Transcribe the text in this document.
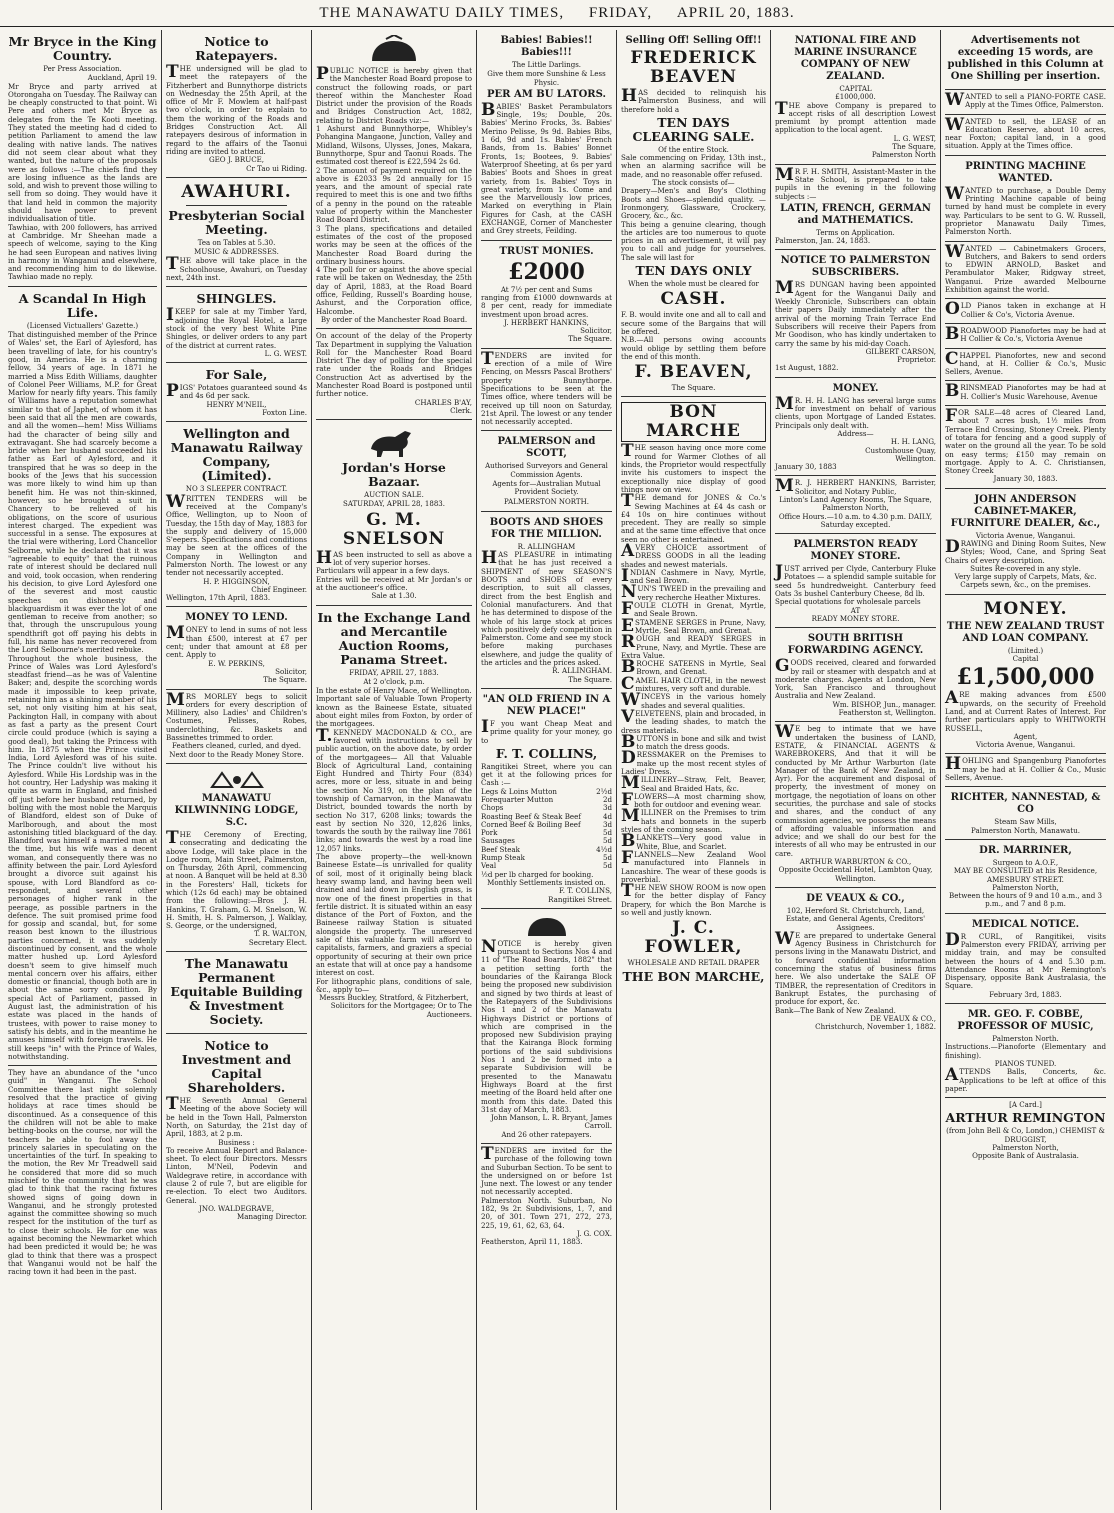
THE MANAWATU DAILY TIMES, FRIDAY, APRIL 20, 1883.
Mr Bryce in the King Country.
Per Press Association.
Auckland, April 19.

Mr Bryce and party arrived at Otorongaha on Tuesday. The Railway can be cheaply constructed to that point. Wi Pere and others met Mr Bryce as delegates from the Te Kooti meeting. They stated the meeting had d cided to petition Parliament to amend the law dealing with native lands. The natives did not seem clear about what they wanted, but the nature of the proposals were as follows :—The chiefs find they are losing influence as the lands are sold, and wish to prevent those willing to sell from so doing. They would have it that land held in common the majority should have power to prevent individualisation of title.

Tawhiao, with 200 followers, has arrived at Cambridge. Mr Sheehan made a speech of welcome, saying to the King he had seen European and natives living in harmony in Wanganui and elsewhere, and recommending him to do likewise. Tawhiao made no reply.

A Scandal In High Life.
(Licensed Victuallers' Gazette.)

That distinguished member of the Prince of Wales' set, the Earl of Aylesford, has been travelling of late, for his country's good, in America. He is a charming fellow, 34 years of age. In 1871 he married a Miss Edith Williams, daughter of Colonel Peer Williams, M.P. for Great Marlow for nearly fifty years. This family of Williams have a reputation somewhat similar to that of Japhet, of whom it has been said that all the men are cowards, and all the women—hem! Miss Williams had the character of being silly and extravagant. She had scarcely become a bride when her husband succeeded his father as Earl of Aylesford, and it transpired that he was so deep in the books of the Jews that his succession was more likely to wind him up than benefit him. He was not thin-skinned, however, so he brought a suit in Chancery to be relieved of his obligations, on the score of usurious interest charged. The expedient was successful in a sense. The exposures at the trial were withering, Lord Chancellor Selborne, while he declared that it was "agreeable to equity" that the ruinous rate of interest should be declared null and void, took occasion, when rendering his decision, to give Lord Aylesford one of the severest and most caustic speeches on dishonesty and blackguardism it was ever the lot of one gentleman to receive from another; so that, through the unscrupulous young spendthrift got off paying his debts in full, his name has never recovered from the Lord Selbourne's merited rebuke.

Throughout the whole business, the Prince of Wales was Lord Aylesford's steadfast friend—as he was of Valentine Baker; and, despite the scorching words made it impossible to keep private, retaining him as a shining member of his set, not only visiting him at his seat, Packington Hall, in company with about as fast a party as the present Court circle could produce (which is saying a good deal), but taking the Princess with him. In 1875 when the Prince visited India, Lord Aylesford was of his suite. The Prince couldn't live without his Aylesford. While His Lordship was in the hot country, Her Ladyship was making it quite as warm in England, and finished off just before her husband returned, by bolting with the most noble the Marquis of Blandford, eldest son of Duke of Marlborough, and about the most astonishing titled blackguard of the day. Blandford was himself a married man at the time, but his wife was a decent woman, and consequently there was no affinity between the pair. Lord Aylesford brought a divorce suit against his spouse, with Lord Blandford as co-respondent, and several other personages of higher rank in the peerage, as possible partners in the defence. The suit promised prime food for gossip and scandal, but, for some reason best known to the illustrious parties concerned, it was suddenly discontinued by consent, and the whole matter hushed up. Lord Aylesford doesn't seem to give himself much mental concern over his affairs, either domestic or financial, though both are in about the same sorry condition. By special Act of Parliament, passed in August last, the administration of his estate was placed in the hands of trustees, with power to raise money to satisfy his debts, and in the meantime he amuses himself with foreign travels. He still keeps "in" with the Prince of Wales, notwithstanding.

They have an abundance of the "unco guid" in Wanganui. The School Committee there last night solemnly resolved that the practice of giving holidays at race times should be discontinued. As a consequence of this the children will not be able to make betting-books on the course, nor will the teachers be able to fool away the princely salaries in speculating on the uncertainties of the turf. In speaking to the motion, the Rev Mr Treadwell said he considered that more did so much mischief to the community that he was glad to think that the racing fixtures showed signs of going down in Wanganui, and he strongly protested against the committee showing so much respect for the institution of the turf as to close their schools. He for one was against becoming the Newmarket which had been predicted it would be; he was glad to think that there was a prospect that Wanganui would not be half the racing town it had been in the past.

Notice to Ratepayers.

THE undersigned will be glad to meet the ratepayers of the Fitzherbert and Bunnythorpe districts on Wednesday the 25th April, at the office of Mr F. Mowlem at half-past two o'clock, in order to explain to them the working of the Roads and Bridges Construction Act. All ratepayers desirous of information in regard to the affairs of the Taonui riding are invited to attend.

GEO J. BRUCE,
Cr Tao ui Riding.
AWAHURI.
Presbyterian Social Meeting.
Tea on Tables at 5.30.
MUSIC & ADDRESSES.

THE above will take place in the Schoolhouse, Awahuri, on Tuesday next, 24th inst.

SHINGLES.

IKEEP for sale at my Timber Yard, adjoining the Royal Hotel, a large stock of the very best White Pine Shingles, or deliver orders to any part of the district at current rates.

L. G. WEST.
For Sale,

PIGS' Potatoes guaranteed sound 4s and 4s 6d per sack.

HENRY M'NEIL,
Foxton Line.
Wellington and Manawatu Railway Company, (Limited).
NO 3 SLEEPER CONTRACT.

WRITTEN TENDERS will be received at the Company's Office, Wellington, up to Noon of Tuesday, the 15th day of May, 1883 for the supply and delivery of 15,000 S'eepers. Specifications and conditions may be seen at the offices of the Company in Wellington and Palmerston North. The lowest or any tender not necessarily accepted.

H. P. HIGGINSON,
Chief Engineer.
Wellington, 17th April, 1883.
MONEY TO LEND.

MONEY to lend in sums of not less than £500, interest at £7 per cent; under that amount at £8 per cent. Apply to

E. W. PERKINS,
Solicitor,
The Square.

MRS MORLEY begs to solicit orders for every description of Millinery, also Ladies' and Children's Costumes, Pelisses, Robes, underclothing, &c. Baskets and Bassinettes trimmed to order.

Feathers cleaned, curled, and dyed.
Next door to the Ready Money Store.
MANAWATU KILWINNING LODGE, S.C.

THE Ceremony of Erecting, consecrating and dedicating the above Lodge, will take place in the Lodge room, Main Street, Palmerston, on Thursday, 26th April, commencing at noon. A Banquet will be held at 8.30 in the Foresters' Hall, tickets for which (12s 6d each) may be obtained from the following:—Bros J. H. Hankins, T. Graham, G. M. Snelson, W. H. Smith, H. S. Palmerson, J. Walklay, S. George, or the undersigned,

T. R. WALTON,
Secretary Elect.
The Manawatu Permanent Equitable Building & Investment Society.
Notice to Investment and Capital Shareholders.

THE Seventh Annual General Meeting of the above Society will be held in the Town Hall, Palmerston North, on Saturday, the 21st day of April, 1883, at 2 p.m.

Business :

To receive Annual Report and Balance-sheet. To elect four Directors. Messrs Linton, M'Neil, Podevin and Waldegrave retire, in accordance with clause 2 of rule 7, but are eligible for re-election. To elect two Auditors. General.

JNO. WALDEGRAVE,
Managing Director.

PUBLIC NOTICE is hereby given that the Manchester Road Board propose to construct the following roads, or part thereof within the Manchester Road District under the provision of the Roads and Bridges Construction Act, 1882, relating to District Roads viz:—

1 Ashurst and Bunnythorpe, Whibley's Pohangina Mangaone, Junction, Valley and Midland, Wilsons, Ulysses, Jones, Makara, Bunnythorpe, Spur and Taonui Roads. The estimated cost thereof is £22,594 2s 6d.

2 The amount of payment required on the above is £2033 9s 2d annually for 15 years, and the amount of special rate required to meet this is one and two fifths of a penny in the pound on the rateable value of property within the Manchester Road Board District.

3 The plans, specifications and detailed estimates of the cost of the proposed works may be seen at the offices of the Manchester Road Board during the ordinary business hours.

4 The poll for or against the above special rate will be taken on Wednesday, the 25th day of April, 1883, at the Road Board office, Feilding, Russell's Boarding house, Ashurst, and the Corporation office, Halcombe.

By order of the Manchester Road Board.

On account of the delay of the Property Tax Department in supplying the Valuation Roll for the Manchester Road Board District The day of polling for the special rate under the Roads and Bridges Construction Act as advertised by the Manchester Road Board is postponed until further notice.

CHARLES B'AY,
Clerk.
Jordan's Horse Bazaar.
AUCTION SALE.
SATURDAY, APRIL 28, 1883.
G. M. SNELSON

HAS been instructed to sell as above a lot of very superior horses.

Particulars will appear in a few days.

Entries will be received at Mr Jordan's or at the auctioneer's office.

Sale at 1.30.
In the Exchange Land and Mercantile Auction Rooms, Panama Street.
FRIDAY, APRIL 27, 1883.
At 2 o'clock, p.m.

In the estate of Henry Mace, of Wellington.

Important sale of Valuable Town Property known as the Baineese Estate, situated about eight miles from Foxton, by order of the mortgagees.

T.KENNEDY MACDONALD & CO., are favored with instructions to sell by public auction, on the above date, by order of the mortgagees— All that Valuable Block of Agricultural Land, containing Eight Hundred and Thirty Four (834) acres, more or less, situate in and being the section No 319, on the plan of the township of Carnarvon, in the Manawatu District, bounded towards the north by section No 317, 6208 links; towards the east by section No 320, 12,826 links, towards the south by the railway line 7861 links; and towards the west by a road line 12,057 links.

The above property—the well-known Baineese Estate—is unrivalled for quality of soil, most of it originally being black heavy swamp land, and having been well drained and laid down in English grass, is now one of the finest properties in that fertile district. It is situated within an easy distance of the Port of Foxton, and the Baineese railway Station is situated alongside the property. The unreserved sale of this valuable farm will afford to capitalists, farmers, and graziers a special opportunity of securing at their own price an estate that will at once pay a handsome interest on cost.

For lithographic plans, conditions of sale, &c., apply to—

Messrs Buckley, Stratford, & Fitzherbert,
Solicitors for the Mortgagee; Or to The Auctioneers.
Babies! Babies!! Babies!!!
The Little Darlings.
Give them more Sunshine & Less Physic.
PER AM BU LATORS.

BABIES' Basket Perambulators Single, 19s; Double, 20s. Babies' Merino Frocks, 3s. Babies' Merino Pelisse, 9s 9d. Babies Bibs, 1 6d, 9d and 1s. Babies' French Bands, from 1s. Babies' Bonnet Fronts, 1s; Bootees, 9. Babies' Waterproof Sheeting, at 6s per yard Babies' Boots and Shoes in great variety, from 1s. Babies' Toys in great variety, from 1s. Come and see the Marvellously low prices, Marked on everything in Plain Figures for Cash, at the CASH EXCHANGE, Corner of Manchester and Grey streets, Feilding.

TRUST MONIES.
£2000
At 7½ per cent and Sums

ranging from £1000 downwards at 8 per cent, ready for immediate investment upon broad acres.

J. HERBERT HANKINS,
Solicitor,
The Square.

TENDERS are invited for erection of a mile of Wire Fencing, on Messrs Pascal Brothers' property Bunnythorpe. Specifications to be seen at the Times office, where tenders will be received up till noon on Saturday, 21st April. The lowest or any tender not necessarily accepted.

PALMERSON and SCOTT,
Authorised Surveyors and General Commission Agents.
Agents for—Australian Mutual Provident Society.
PALMERSTON NORTH.
BOOTS AND SHOES FOR THE MILLION.
R. ALLINGHAM

HAS PLEASURE in intimating that he has just received a SHIPMENT of new SEASON'S BOOTS and SHOES of every description, to suit all classes, direct from the best English and Colonial manufacturers. And that he has determined to dispose of the whole of his large stock at prices which positively defy competition in Palmerston. Come and see my stock before making purchases elsewhere, and judge the quality of the articles and the prices asked.

R. ALLINGHAM.
The Square.
"AN OLD FRIEND IN A NEW PLACE!"

IF you want Cheap Meat and prime quality for your money, go to

F. T. COLLINS,

Rangitikei Street, where you can get it at the following prices for Cash :—

Legs & Loins Mutton	2½d
Forequarter Mutton	2d
Chops	3d
Roasting Beef & Steak Beef	4d
Corned Beef & Boiling Beef	3d
Pork	5d
Sausages	5d
Beef Steak	4½d
Rump Steak	5d
Veal	5d

½d per lb charged for booking.

Monthly Settlements insisted on.
F. T. COLLINS,
Rangitikei Street.

NOTICE is hereby given pursuant to Sections Nos 4 and 11 of "The Road Boards, 1882" that a petition setting forth the boundaries of the Kairanga Block being the proposed new subdivision and signed by two thirds at least of the Ratepayers of the Subdivisions Nos 1 and 2 of the Manawatu Highways District or portions of which are comprised in the proposed new Subdivision praying that the Kairanga Block forming portions of the said subdivisions Nos 1 and 2 be formed into a separate Subdivision will be presented to the Manawatu Highways Board at the first meeting of the Board held after one month from this date. Dated this 31st day of March, 1883.

John Manson, L. R. Bryant, James Carroll.
And 26 other ratepayers.

TENDERS are invited for the purchase of the following town and Suburban Section. To be sent to the undersigned on or before 1st June next. The lowest or any tender not necessarily accepted.

Palmerston North. Suburban, No 182, 9s 2r. Subdivisions, 1, 7, and 20, of 301. Town 271, 272, 273, 225, 19, 61, 62, 63, 64.

J. G. COX.
Featherston, April 11, 1883.
Selling Off! Selling Off!!
FREDERICK BEAVEN

HAS decided to relinquish his Palmerston Business, and will therefore hold a

TEN DAYS CLEARING SALE.
Of the entire Stock.

Sale commencing on Friday, 13th inst., when an alarming sacrifice will be made, and no reasonable offer refused.

The stock consists of—

Drapery—Men's and Boy's Clothing Boots and Shoes—splendid quality. —Ironmongery, Glassware, Crockery, Grocery, &c., &c.

This being a genuine clearing, though the articles are too numerous to quote prices in an advertisement, it will pay you to call and judge for yourselves. The sale will last for

TEN DAYS ONLY
When the whole must be cleared for
CASH.

F. B. would invite one and all to call and secure some of the Bargains that will be offered.

N.B.—All persons owing accounts would oblige by settling them before the end of this month.

F. BEAVEN,
The Square.
BON MARCHE

THE season having once more come round for Warmer Clothes of all kinds, the Proprietor would respectfully invite his customers to inspect the exceptionally nice display of good things now on view.

THE demand for JONES & Co.'s Sewing Machines at £4 4s cash or £4 10s on hire continues without precedent. They are really so simple and at the same time effective that once seen no other is entertained.

AVERY CHOICE assortment of DRESS GOODS in all the leading shades and newest materials.

INDIAN Cashmere in Navy, Myrtle, and Seal Brown.

NUN'S TWEED in the prevailing and very recherche Heather Mixtures.

FOULE CLOTH in Grenat, Myrtle, and Seale Brown.

ESTAMENE SERGES in Prune, Navy, Myrtle, Seal Brown, and Grenat.

ROUGH and READY SERGES in Prune, Navy, and Myrtle. These are Extra Value.

BROCHE SATEENS in Myrtle, Seal Brown, and Grenat.

CAMEL HAIR CLOTH, in the newest mixtures, very soft and durable.

WINCEYS in the various homely shades and several qualities.

VELVETEENS, plain and brocaded, in the leading shades, to match the dress materials.

BUTTONS in bone and silk and twist to match the dress goods.

DRESSMAKER on the Premises to make up the most recent styles of Ladies' Dress.

MILLINERY—Straw, Felt, Beaver, Seal and Braided Hats, &c.

FLOWERS—A most charming show, both for outdoor and evening wear.

MILLINER on the Premises to trim hats and bonnets in the superb styles of the coming season.

BLANKETS—Very good value in White, Blue, and Scarlet.

FLANNELS—New Zealand Wool manufactured into Flannels in Lancashire. The wear of these goods is proverbial.

THE NEW SHOW ROOM is now open for the better display of Fancy Drapery, for which the Bon Marche is so well and justly known.

J. C. FOWLER,
WHOLESALE AND RETAIL DRAPER
THE BON MARCHE,
NATIONAL FIRE AND MARINE INSURANCE COMPANY OF NEW ZEALAND.
CAPITAL
£1000,000.

THE above Company is prepared to accept risks of all description Lowest premiumt by prompt attention made application to the local agent.

L. G. WEST,
The Square,
Palmerston North

MR F. H. SMITH, Assistant-Master in the State School, is prepared to take pupils in the evening in the following subjects :—

LATIN, FRENCH, GERMAN and MATHEMATICS.
Terms on Application.
Palmerston, Jan. 24, 1883.
NOTICE TO PALMERSTON SUBSCRIBERS.

MRS DUNGAN having been appointed Agent for the Wanganui Daily and Weekly Chronicle, Subscribers can obtain their papers Daily immediately after the arrival of the morning Train Terrace End Subscribers will receive their Papers from Mr Goodison, who has kindly undertaken to carry the same by his mid-day Coach.

GILBERT CARSON,
Proprietor.
1st August, 1882.
MONEY.

MR. H. H. LANG has several large sums for investment on behalf of various clients, upon Mortgage of Landed Estates. Principals only dealt with.

Address—
H. H. LANG,
Customhouse Quay,
Wellington.
January 30, 1883

MR. J. HERBERT HANKINS, Barrister, Solicitor, and Notary Public,

Linton's Land Agency Rooms, The Square, Palmerston North,
Office Hours.—10 a.m. to 4.30 p.m. DAILY, Saturday excepted.
PALMERSTON READY MONEY STORE.

JUST arrived per Clyde, Canterbury Fluke Potatoes — a splendid sample suitable for seed 5s hundredweight. Canterbury feed Oats 3s bushel Canterbury Cheese, 8d lb.

Special quotations for wholesale parcels

AT
READY MONEY STORE.
SOUTH BRITISH FORWARDING AGENCY.

GOODS received, cleared and forwarded by rail or steamer with despatch and at moderate charges. Agents at London, New York, San Francisco and throughout Australia and New Zealand.

Wm. BISHOP, Jun., manager.
Featherston st, Wellington.

WE beg to intimate that we have undertaken the business of LAND, ESTATE, & FINANCIAL AGENTS & WAREBROKERS, And that it will be conducted by Mr Arthur Warburton (late Manager of the Bank of New Zealand, in Ayr). For the acquirement and disposal of property, the investment of money on mortgage, the negotiation of loans on other securities, the purchase and sale of stocks and shares, and the conduct of any commission agencies, we possess the means of affording valuable information and advice; and we shall do our best for the interests of all who may be entrusted in our care.

ARTHUR WARBURTON & CO.,
Opposite Occidental Hotel, Lambton Quay, Wellington.
DE VEAUX & CO.,
102, Hereford St. Christchurch, Land, Estate, and General Agents, Creditors' Assignees.

WE are prepared to undertake General Agency Business in Christchurch for persons living in the Manawatu District, and to forward confidential information concerning the status of business firms here. We also undertake the SALE OF TIMBER, the representation of Creditors in Bankrupt Estates, the purchasing of produce for export, &c.

Bank—The Bank of New Zealand.
DE VEAUX & CO.,
Christchurch, November 1, 1882.
Advertisements not exceeding 15 words, are published in this Column at One Shilling per insertion.

WANTED to sell a PIANO-FORTE CASE. Apply at the Times Office, Palmerston.

WANTED to sell, the LEASE of an Education Reserve, about 10 acres, near Foxton; capital land, in a good situation. Apply at the Times office.

PRINTING MACHINE WANTED.

WANTED to purchase, a Double Demy Printing Machine capable of being turned by hand must be complete in every way. Particulars to be sent to G. W. Russell, proprietor Manawatu Daily Times, Palmerston North.

WANTED — Cabinetmakers Grocers, Butchers, and Bakers to send orders to EDWIN ARNOLD, Basket and Perambulator Maker, Ridgway street, Wanganui. Prize awarded Melbourne Exhibition against the world.

OLD Pianos taken in exchange at H Collier & Co's, Victoria Avenue.

BROADWOOD Pianofortes may be had at H Collier & Co.'s, Victoria Avenue

CHAPPEL Pianofortes, new and second hand, at H. Collier & Co.'s, Music Sellers, Avenue.

BRINSMEAD Pianofortes may be had at H. Collier's Music Warehouse, Avenue

FOR SALE—48 acres of Cleared Land, about 7 acres bush, 1½ miles from Terrace End Crossing, Stoney Creek. Plenty of totara for fencing and a good supply of water on the ground all the year. To be sold on easy terms; £150 may remain on mortgage. Apply to A. C. Christiansen, Stoney Creek

January 30, 1883.
JOHN ANDERSON CABINET-MAKER, FURNITURE DEALER, &c.,
Victoria Avenue, Wanganui.

DRAWING and Dining Room Suites, New Styles; Wood, Cane, and Spring Seat Chairs of every description.

Suites Re-covered in any style.
Very large supply of Carpets, Mats, &c.
Carpets sewn, &c., on the premises.
MONEY.
THE NEW ZEALAND TRUST AND LOAN COMPANY.
(Limited.)
Capital
£1,500,000

ARE making advances from £500 upwards, on the security of Freehold Land, and at Current Rates of Interest. For further particulars apply to WHITWORTH RUSSELL,

Agent,
Victoria Avenue, Wanganui.

HOHLING and Spangenburg Pianofortes may be had at H. Collier & Co., Music Sellers, Avenue.

RICHTER, NANNESTAD, & CO
Steam Saw Mills,
Palmerston North, Manawatu.
DR. MARRINER,
Surgeon to A.O.F.,
MAY BE CONSULTED at his Residence,
AMESBURY STREET.
Palmerston North,
Between the hours of 9 and 10 a.m., and 3 p.m., and 7 and 8 p.m.
MEDICAL NOTICE.

DR CURL, of Rangitikei, visits Palmerston every FRIDAY, arriving per midday train, and may be consulted between the hours of 4 and 5.30 p.m. Attendance Rooms at Mr Remington's Dispensary, opposite Bank Australasia, the Square.

February 3rd, 1883.
MR. GEO. F. COBBE, PROFESSOR OF MUSIC,
Palmerston North.

Instructions.—Pianoforte (Elementary and finishing).

PIANOS TUNED.

ATTENDS Balls, Concerts, &c. Applications to be left at office of this paper.

[A Card.]
ARTHUR REMINGTON
(from John Bell & Co, London,) CHEMIST & DRUGGIST,
Palmerston North,
Opposite Bank of Australasia.
